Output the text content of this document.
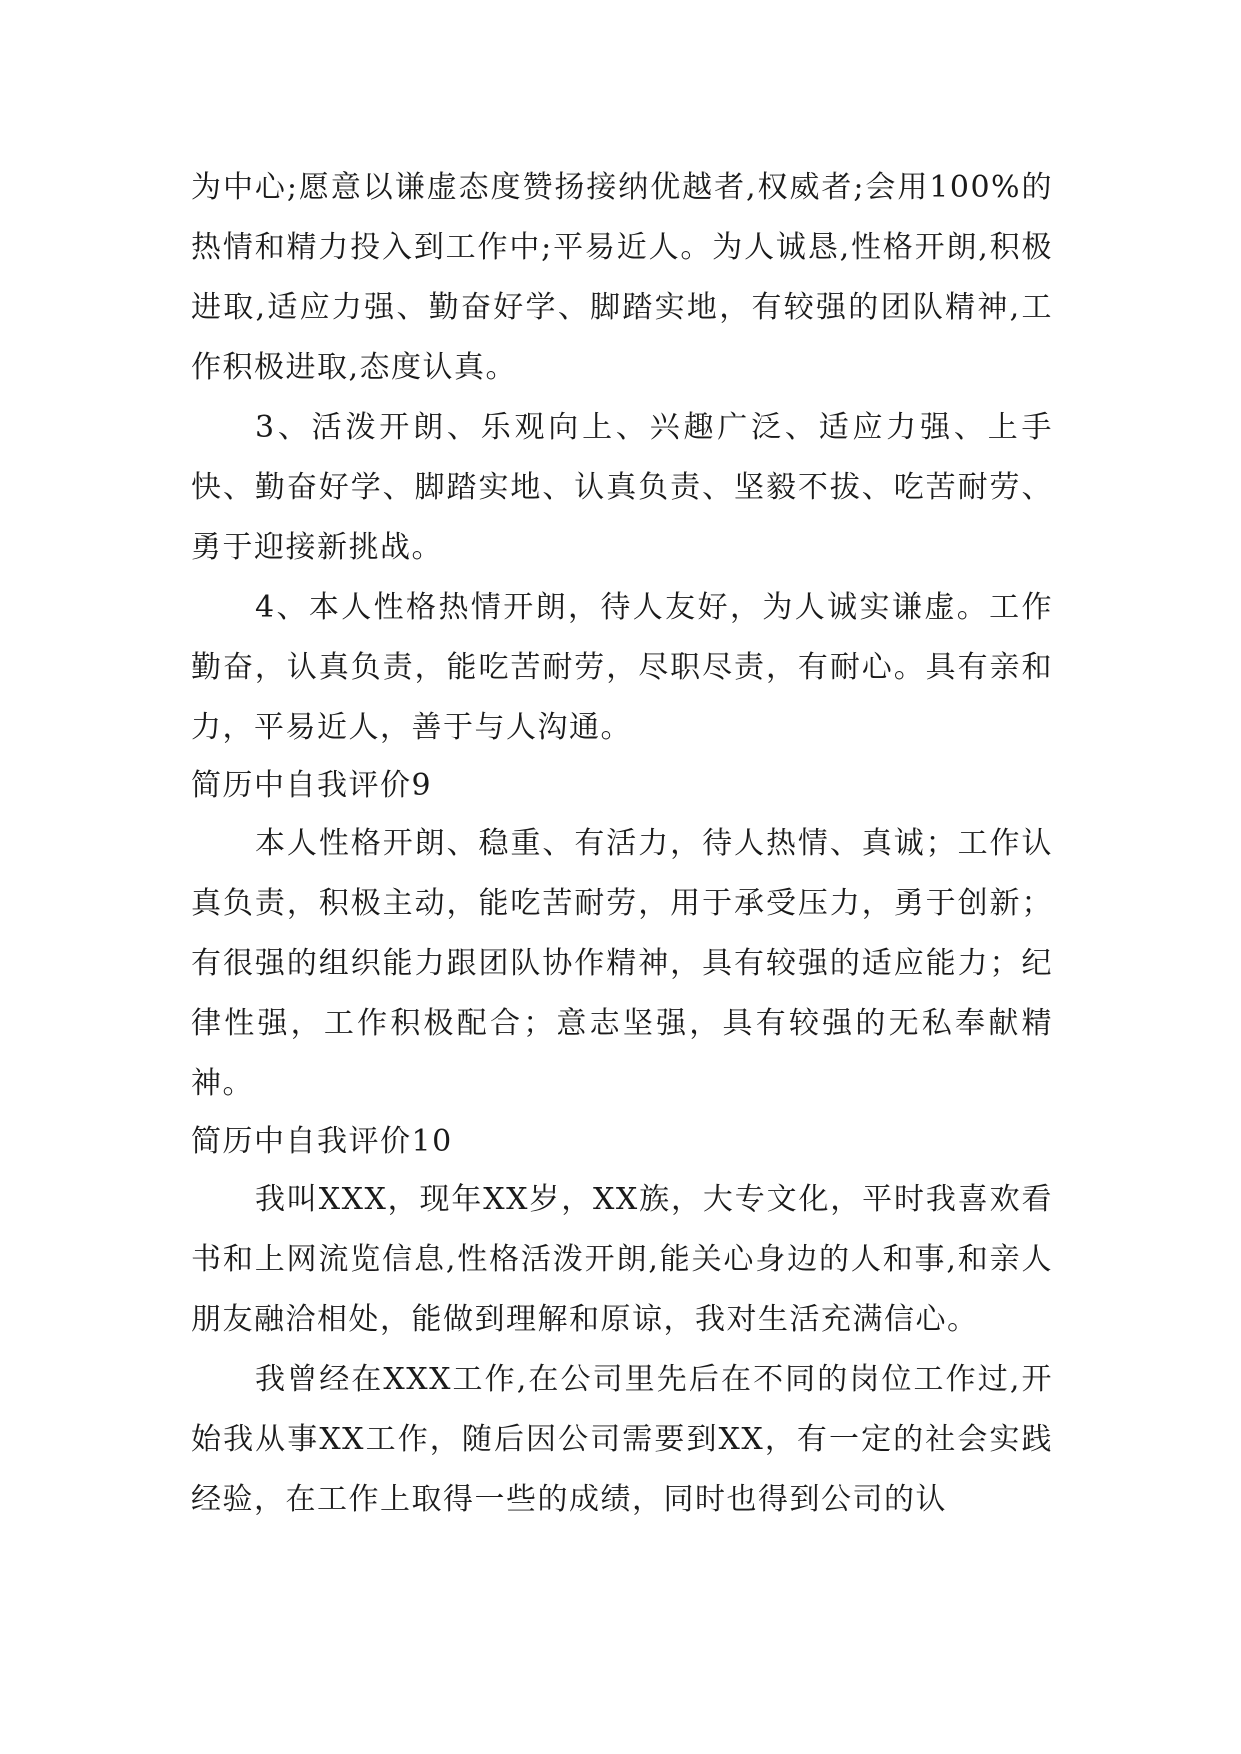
为中心;愿意以谦虚态度赞扬接纳优越者,权威者;会用100%的热情和精力投入到工作中;平易近人。为人诚恳,性格开朗,积极进取,适应力强、勤奋好学、脚踏实地，有较强的团队精神,工作积极进取,态度认真。

3、活泼开朗、乐观向上、兴趣广泛、适应力强、上手快、勤奋好学、脚踏实地、认真负责、坚毅不拔、吃苦耐劳、勇于迎接新挑战。

4、本人性格热情开朗，待人友好，为人诚实谦虚。工作勤奋，认真负责，能吃苦耐劳，尽职尽责，有耐心。具有亲和力，平易近人，善于与人沟通。

简历中自我评价9

本人性格开朗、稳重、有活力，待人热情、真诚；工作认真负责，积极主动，能吃苦耐劳，用于承受压力，勇于创新；有很强的组织能力跟团队协作精神，具有较强的适应能力；纪律性强，工作积极配合；意志坚强，具有较强的无私奉献精神。

简历中自我评价10

我叫XXX，现年XX岁，XX族，大专文化，平时我喜欢看书和上网流览信息,性格活泼开朗,能关心身边的人和事,和亲人朋友融洽相处，能做到理解和原谅，我对生活充满信心。

我曾经在XXX工作,在公司里先后在不同的岗位工作过,开始我从事XX工作，随后因公司需要到XX，有一定的社会实践经验，在工作上取得一些的成绩，同时也得到公司的认
